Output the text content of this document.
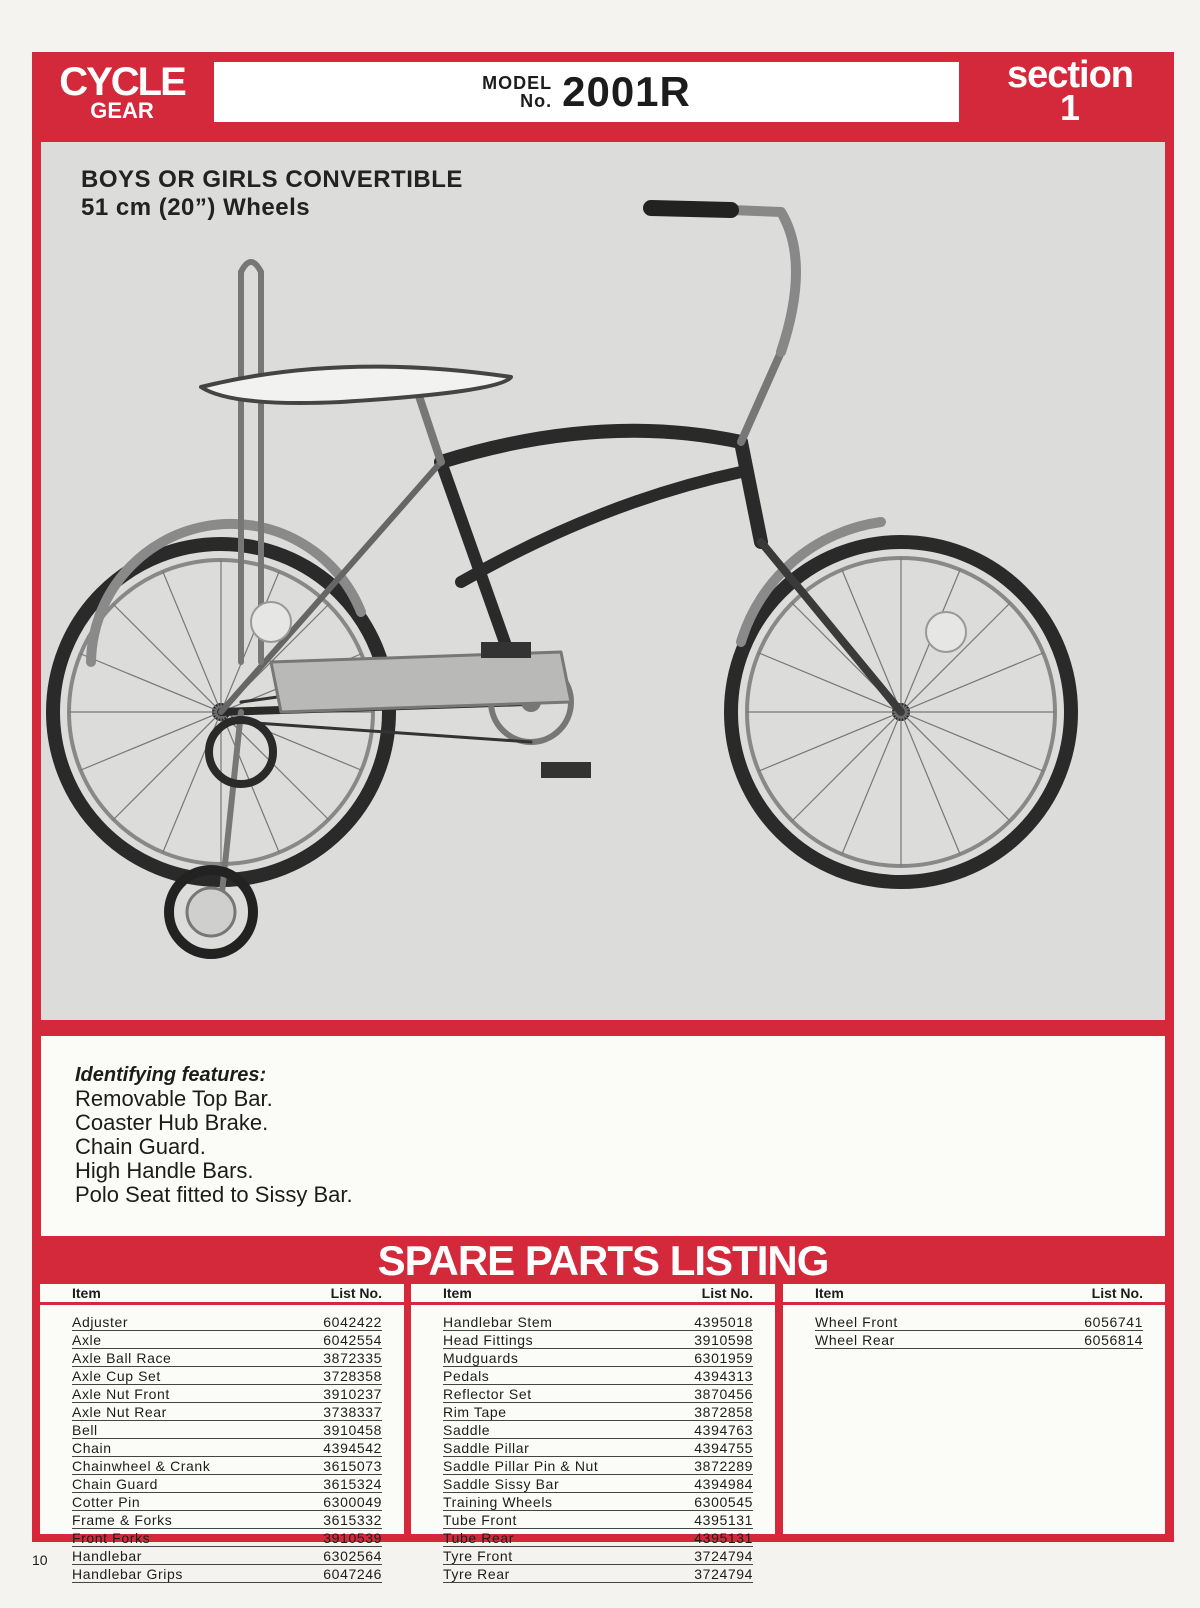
CYCLE
GEAR
MODEL
No. 2001R	section
1
BOYS OR GIRLS CONVERTIBLE
51 cm (20”) Wheels
Identifying features:
Removable Top Bar.
Coaster Hub Brake.
Chain Guard.
High Handle Bars.
Polo Seat fitted to Sissy Bar.
SPARE PARTS LISTING
Item	List No.
Adjuster	6042422
Axle	6042554
Axle Ball Race	3872335
Axle Cup Set	3728358
Axle Nut Front	3910237
Axle Nut Rear	3738337
Bell	3910458
Chain	4394542
Chainwheel & Crank	3615073
Chain Guard	3615324
Cotter Pin	6300049
Frame & Forks	3615332
Front Forks	3910539
Handlebar	6302564
Handlebar Grips	6047246
Item	List No.
Handlebar Stem	4395018
Head Fittings	3910598
Mudguards	6301959
Pedals	4394313
Reflector Set	3870456
Rim Tape	3872858
Saddle	4394763
Saddle Pillar	4394755
Saddle Pillar Pin & Nut	3872289
Saddle Sissy Bar	4394984
Training Wheels	6300545
Tube Front	4395131
Tube Rear	4395131
Tyre Front	3724794
Tyre Rear	3724794
Item	List No.
Wheel Front	6056741
Wheel Rear	6056814
10
